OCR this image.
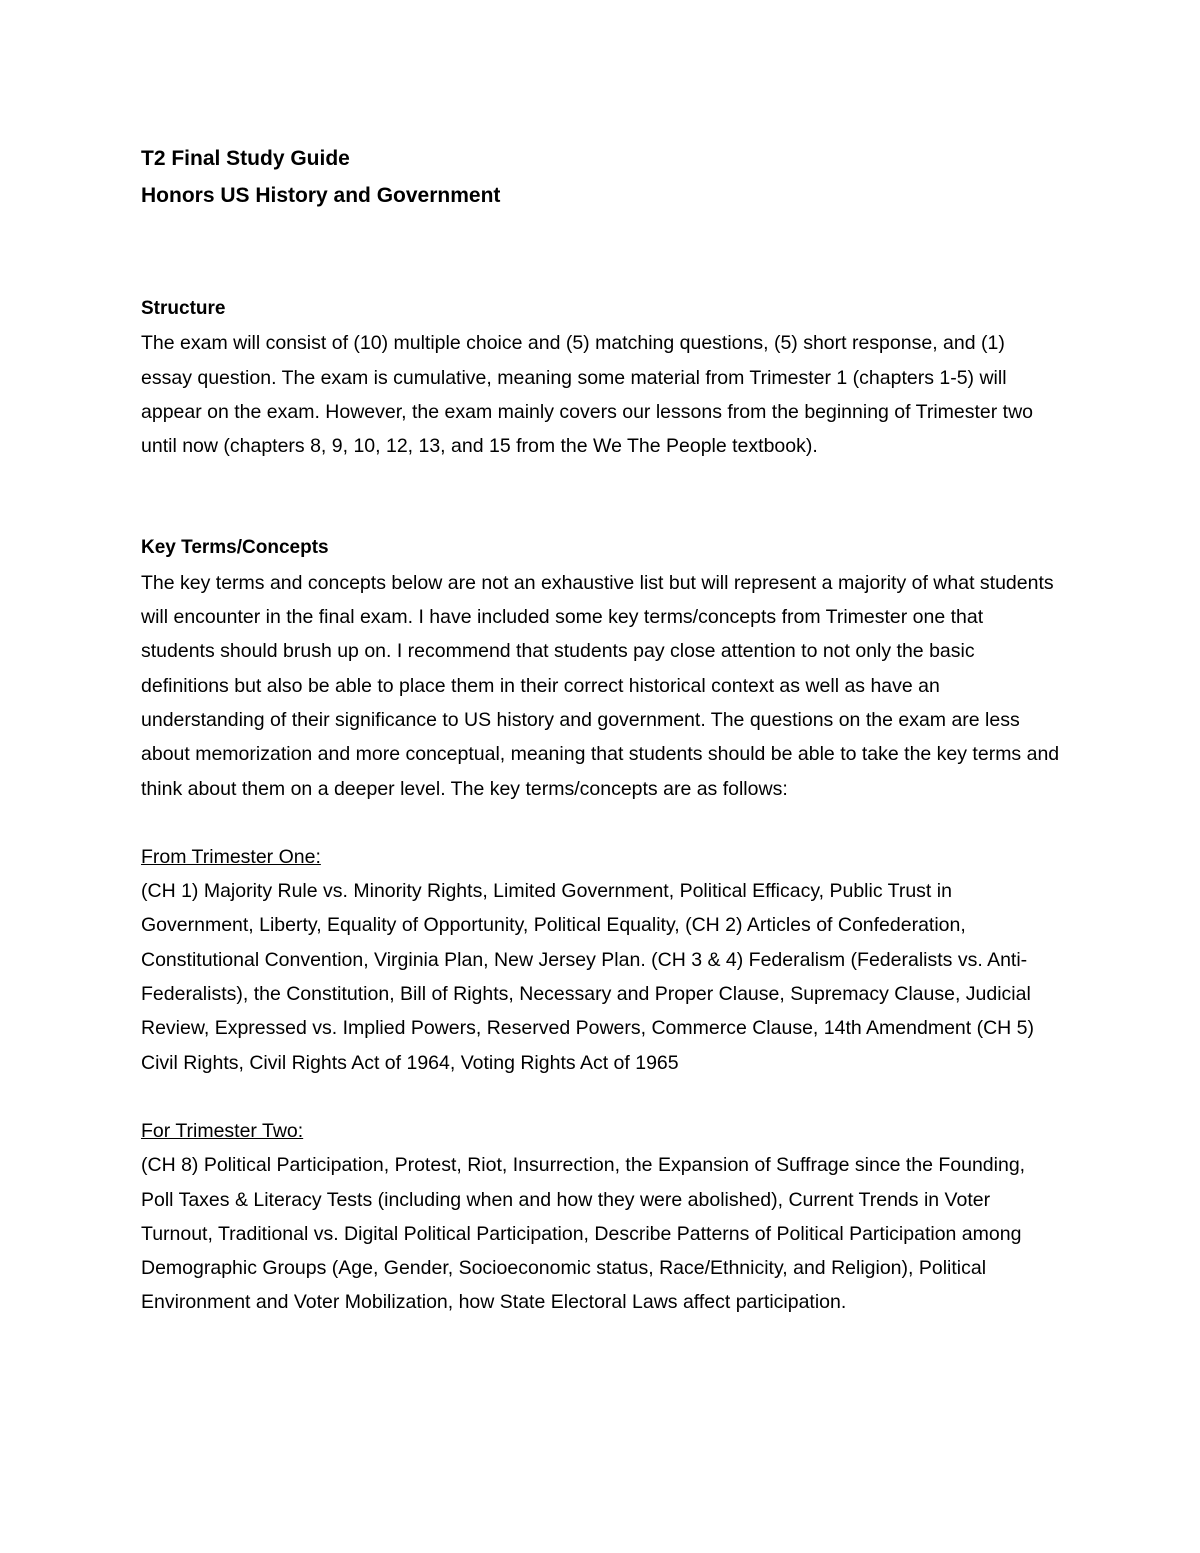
T2 Final Study Guide

Honors US History and Government

Structure

The exam will consist of (10) multiple choice and (5) matching questions, (5) short response, and (1) essay question. The exam is cumulative, meaning some material from Trimester 1 (chapters 1-5) will appear on the exam. However, the exam mainly covers our lessons from the beginning of Trimester two until now (chapters 8, 9, 10, 12, 13, and 15 from the We The People textbook).

Key Terms/Concepts

The key terms and concepts below are not an exhaustive list but will represent a majority of what students will encounter in the final exam. I have included some key terms/concepts from Trimester one that students should brush up on. I recommend that students pay close attention to not only the basic definitions but also be able to place them in their correct historical context as well as have an understanding of their significance to US history and government. The questions on the exam are less about memorization and more conceptual, meaning that students should be able to take the key terms and think about them on a deeper level. The key terms/concepts are as follows:

From Trimester One:

(CH 1) Majority Rule vs. Minority Rights, Limited Government, Political Efficacy, Public Trust in Government, Liberty, Equality of Opportunity, Political Equality, (CH 2) Articles of Confederation, Constitutional Convention, Virginia Plan, New Jersey Plan. (CH 3 & 4) Federalism (Federalists vs. Anti-Federalists), the Constitution, Bill of Rights, Necessary and Proper Clause, Supremacy Clause, Judicial Review, Expressed vs. Implied Powers, Reserved Powers, Commerce Clause, 14th Amendment (CH 5) Civil Rights, Civil Rights Act of 1964, Voting Rights Act of 1965

For Trimester Two:

(CH 8) Political Participation, Protest, Riot, Insurrection, the Expansion of Suffrage since the Founding, Poll Taxes & Literacy Tests (including when and how they were abolished), Current Trends in Voter Turnout, Traditional vs. Digital Political Participation, Describe Patterns of Political Participation among Demographic Groups (Age, Gender, Socioeconomic status, Race/Ethnicity, and Religion), Political Environment and Voter Mobilization, how State Electoral Laws affect participation.
